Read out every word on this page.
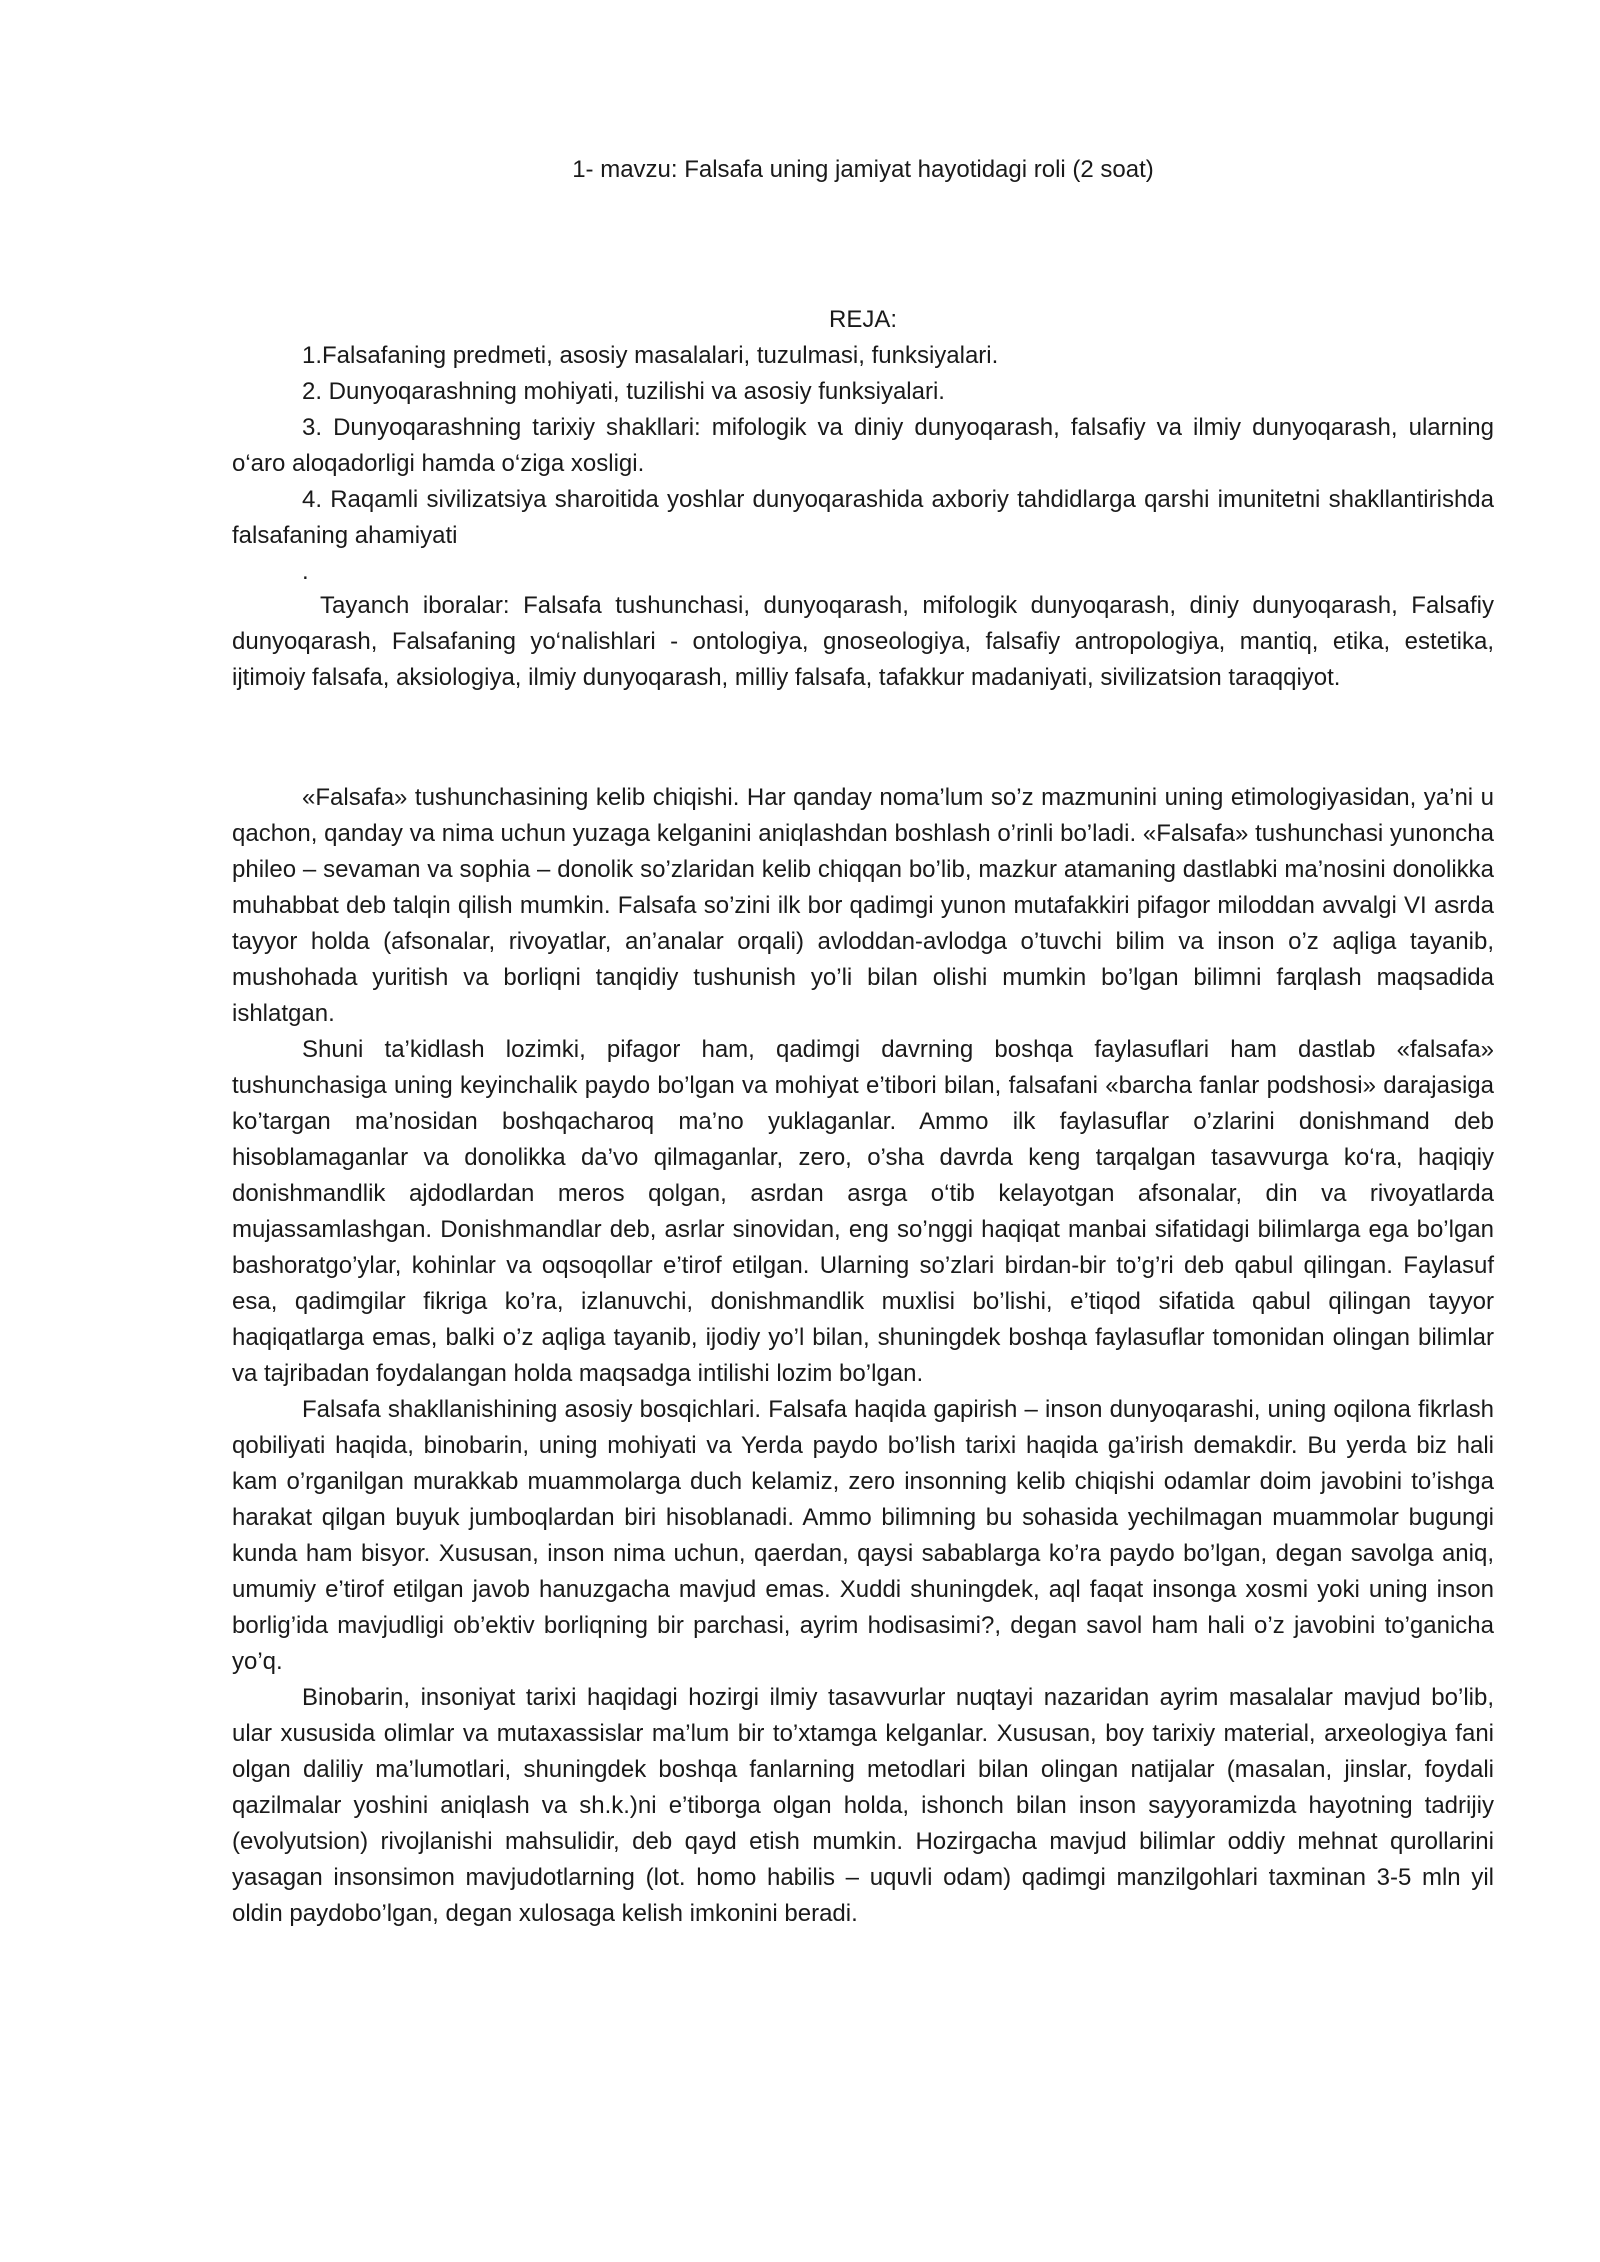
1- mavzu: Falsafa uning jamiyat hayotidagi roli (2 soat)
REJA:

1.Falsafaning predmeti, asosiy masalalari, tuzulmasi, funksiyalari.

2. Dunyoqarashning mohiyati, tuzilishi va asosiy funksiyalari.

3. Dunyoqarashning tarixiy shakllari: mifologik va diniy dunyoqarash, falsafiy va ilmiy dunyoqarash, ularning o‘aro aloqadorligi hamda o‘ziga xosligi.

4. Raqamli sivilizatsiya sharoitida yoshlar dunyoqarashida axboriy tahdidlarga qarshi imunitetni shakllantirishda falsafaning ahamiyati

.

Tayanch iboralar: Falsafa tushunchasi, dunyoqarash, mifologik dunyoqarash, diniy dunyoqarash, Falsafiy dunyoqarash, Falsafaning yo‘nalishlari - ontologiya, gnoseologiya, falsafiy antropologiya, mantiq, etika, estetika, ijtimoiy falsafa, aksiologiya, ilmiy dunyoqarash, milliy falsafa, tafakkur madaniyati, sivilizatsion taraqqiyot.

«Falsafa» tushunchasining kelib chiqishi. Har qanday noma’lum so’z mazmunini uning etimologiyasidan, ya’ni u qachon, qanday va nima uchun yuzaga kelganini aniqlashdan boshlash o’rinli bo’ladi. «Falsafa» tushunchasi yunoncha phileo – sevaman va sophia – donolik so’zlaridan kelib chiqqan bo’lib, mazkur atamaning dastlabki ma’nosini donolikka muhabbat deb talqin qilish mumkin. Falsafa so’zini ilk bor qadimgi yunon mutafakkiri pifagor miloddan avvalgi VI asrda tayyor holda (afsonalar, rivoyatlar, an’analar orqali) avloddan-avlodga o’tuvchi bilim va inson o’z aqliga tayanib, mushohada yuritish va borliqni tanqidiy tushunish yo’li bilan olishi mumkin bo’lgan bilimni farqlash maqsadida ishlatgan.

Shuni ta’kidlash lozimki, pifagor ham, qadimgi davrning boshqa faylasuflari ham dastlab «falsafa» tushunchasiga uning keyinchalik paydo bo’lgan va mohiyat e’tibori bilan, falsafani «barcha fanlar podshosi» darajasiga ko’targan ma’nosidan boshqacharoq ma’no yuklaganlar. Ammo ilk faylasuflar o’zlarini donishmand deb hisoblamaganlar va donolikka da’vo qilmaganlar, zero, o’sha davrda keng tarqalgan tasavvurga ko‘ra, haqiqiy donishmandlik ajdodlardan meros qolgan, asrdan asrga o‘tib kelayotgan afsonalar, din va rivoyatlarda mujassamlashgan. Donishmandlar deb, asrlar sinovidan, eng so’nggi haqiqat manbai sifatidagi bilimlarga ega bo’lgan bashoratgo’ylar, kohinlar va oqsoqollar e’tirof etilgan. Ularning so’zlari birdan-bir to’g’ri deb qabul qilingan. Faylasuf esa, qadimgilar fikriga ko’ra, izlanuvchi, donishmandlik muxlisi bo’lishi, e’tiqod sifatida qabul qilingan tayyor haqiqatlarga emas, balki o’z aqliga tayanib, ijodiy yo’l bilan, shuningdek boshqa faylasuflar tomonidan olingan bilimlar va tajribadan foydalangan holda maqsadga intilishi lozim bo’lgan.

Falsafa shakllanishining asosiy bosqichlari. Falsafa haqida gapirish – inson dunyoqarashi, uning oqilona fikrlash qobiliyati haqida, binobarin, uning mohiyati va Yerda paydo bo’lish tarixi haqida ga’irish demakdir. Bu yerda biz hali kam o’rganilgan murakkab muammolarga duch kelamiz, zero insonning kelib chiqishi odamlar doim javobini to’ishga harakat qilgan buyuk jumboqlardan biri hisoblanadi. Ammo bilimning bu sohasida yechilmagan muammolar bugungi kunda ham bisyor. Xususan, inson nima uchun, qaerdan, qaysi sabablarga ko’ra paydo bo’lgan, degan savolga aniq, umumiy e’tirof etilgan javob hanuzgacha mavjud emas. Xuddi shuningdek, aql faqat insonga xosmi yoki uning inson borlig’ida mavjudligi ob’ektiv borliqning bir parchasi, ayrim hodisasimi?, degan savol ham hali o’z javobini to’ganicha yo’q.

Binobarin, insoniyat tarixi haqidagi hozirgi ilmiy tasavvurlar nuqtayi nazaridan ayrim masalalar mavjud bo’lib, ular xususida olimlar va mutaxassislar ma’lum bir to’xtamga kelganlar. Xususan, boy tarixiy material, arxeologiya fani olgan daliliy ma’lumotlari, shuningdek boshqa fanlarning metodlari bilan olingan natijalar (masalan, jinslar, foydali qazilmalar yoshini aniqlash va sh.k.)ni e’tiborga olgan holda, ishonch bilan inson sayyoramizda hayotning tadrijiy (evolyutsion) rivojlanishi mahsulidir, deb qayd etish mumkin. Hozirgacha mavjud bilimlar oddiy mehnat qurollarini yasagan insonsimon mavjudotlarning (lot. homo habilis – uquvli odam) qadimgi manzilgohlari taxminan 3-5 mln yil oldin paydobo’lgan, degan xulosaga kelish imkonini beradi.
